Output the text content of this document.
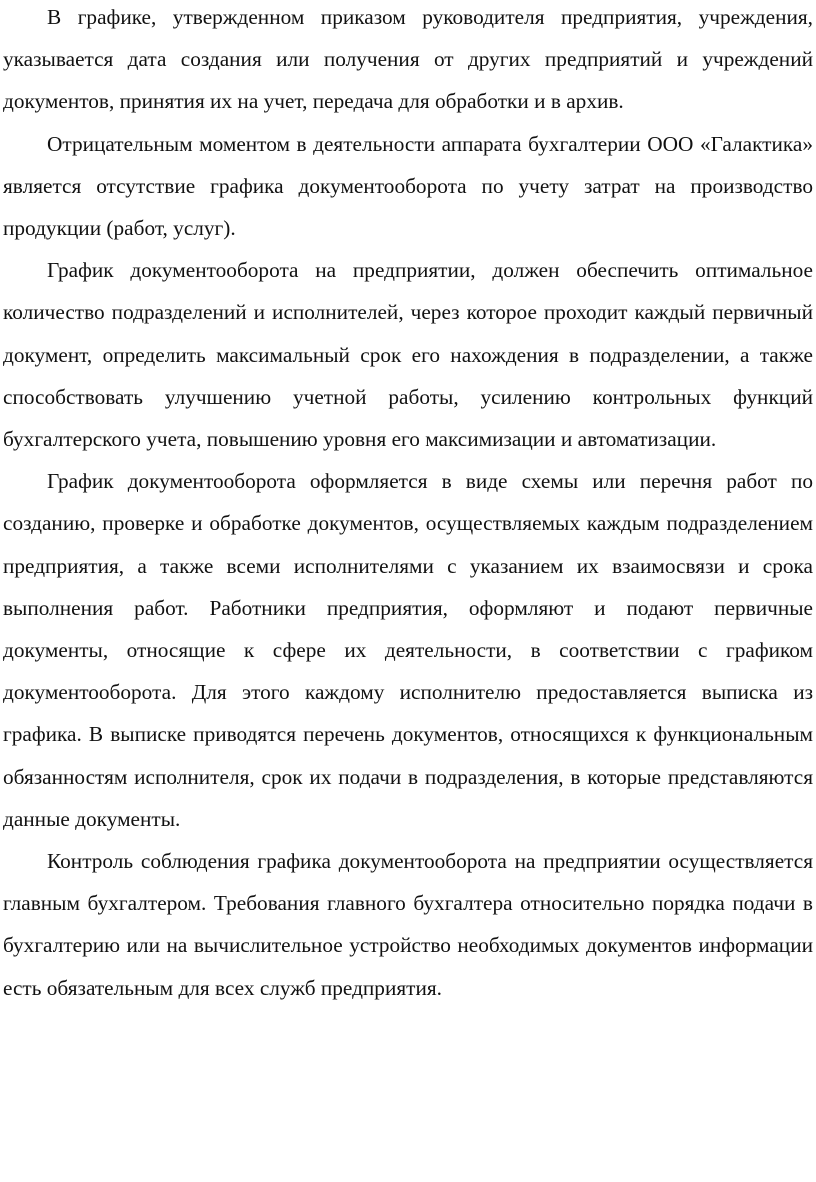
В графике, утвержденном приказом руководителя предприятия, учреждения, указывается дата создания или получения от других предприятий и учреждений документов, принятия их на учет, передача для обработки и в архив.

Отрицательным моментом в деятельности аппарата бухгалтерии ООО «Галактика» является отсутствие графика документооборота по учету затрат на производство продукции (работ, услуг).

График документооборота на предприятии, должен обеспечить оптимальное количество подразделений и исполнителей, через которое проходит каждый первичный документ, определить максимальный срок его нахождения в подразделении, а также способствовать улучшению учетной работы, усилению контрольных функций бухгалтерского учета, повышению уровня его максимизации и автоматизации.

График документооборота оформляется в виде схемы или перечня работ по созданию, проверке и обработке документов, осуществляемых каждым подразделением предприятия, а также всеми исполнителями с указанием их взаимосвязи и срока выполнения работ. Работники предприятия, оформляют и подают первичные документы, относящие к сфере их деятельности, в соответствии с графиком документооборота. Для этого каждому исполнителю предоставляется выписка из графика. В выписке приводятся перечень документов, относящихся к функциональным обязанностям исполнителя, срок их подачи в подразделения, в которые представляются данные документы.

Контроль соблюдения графика документооборота на предприятии осуществляется главным бухгалтером. Требования главного бухгалтера относительно порядка подачи в бухгалтерию или на вычислительное устройство необходимых документов информации есть обязательным для всех служб предприятия.
